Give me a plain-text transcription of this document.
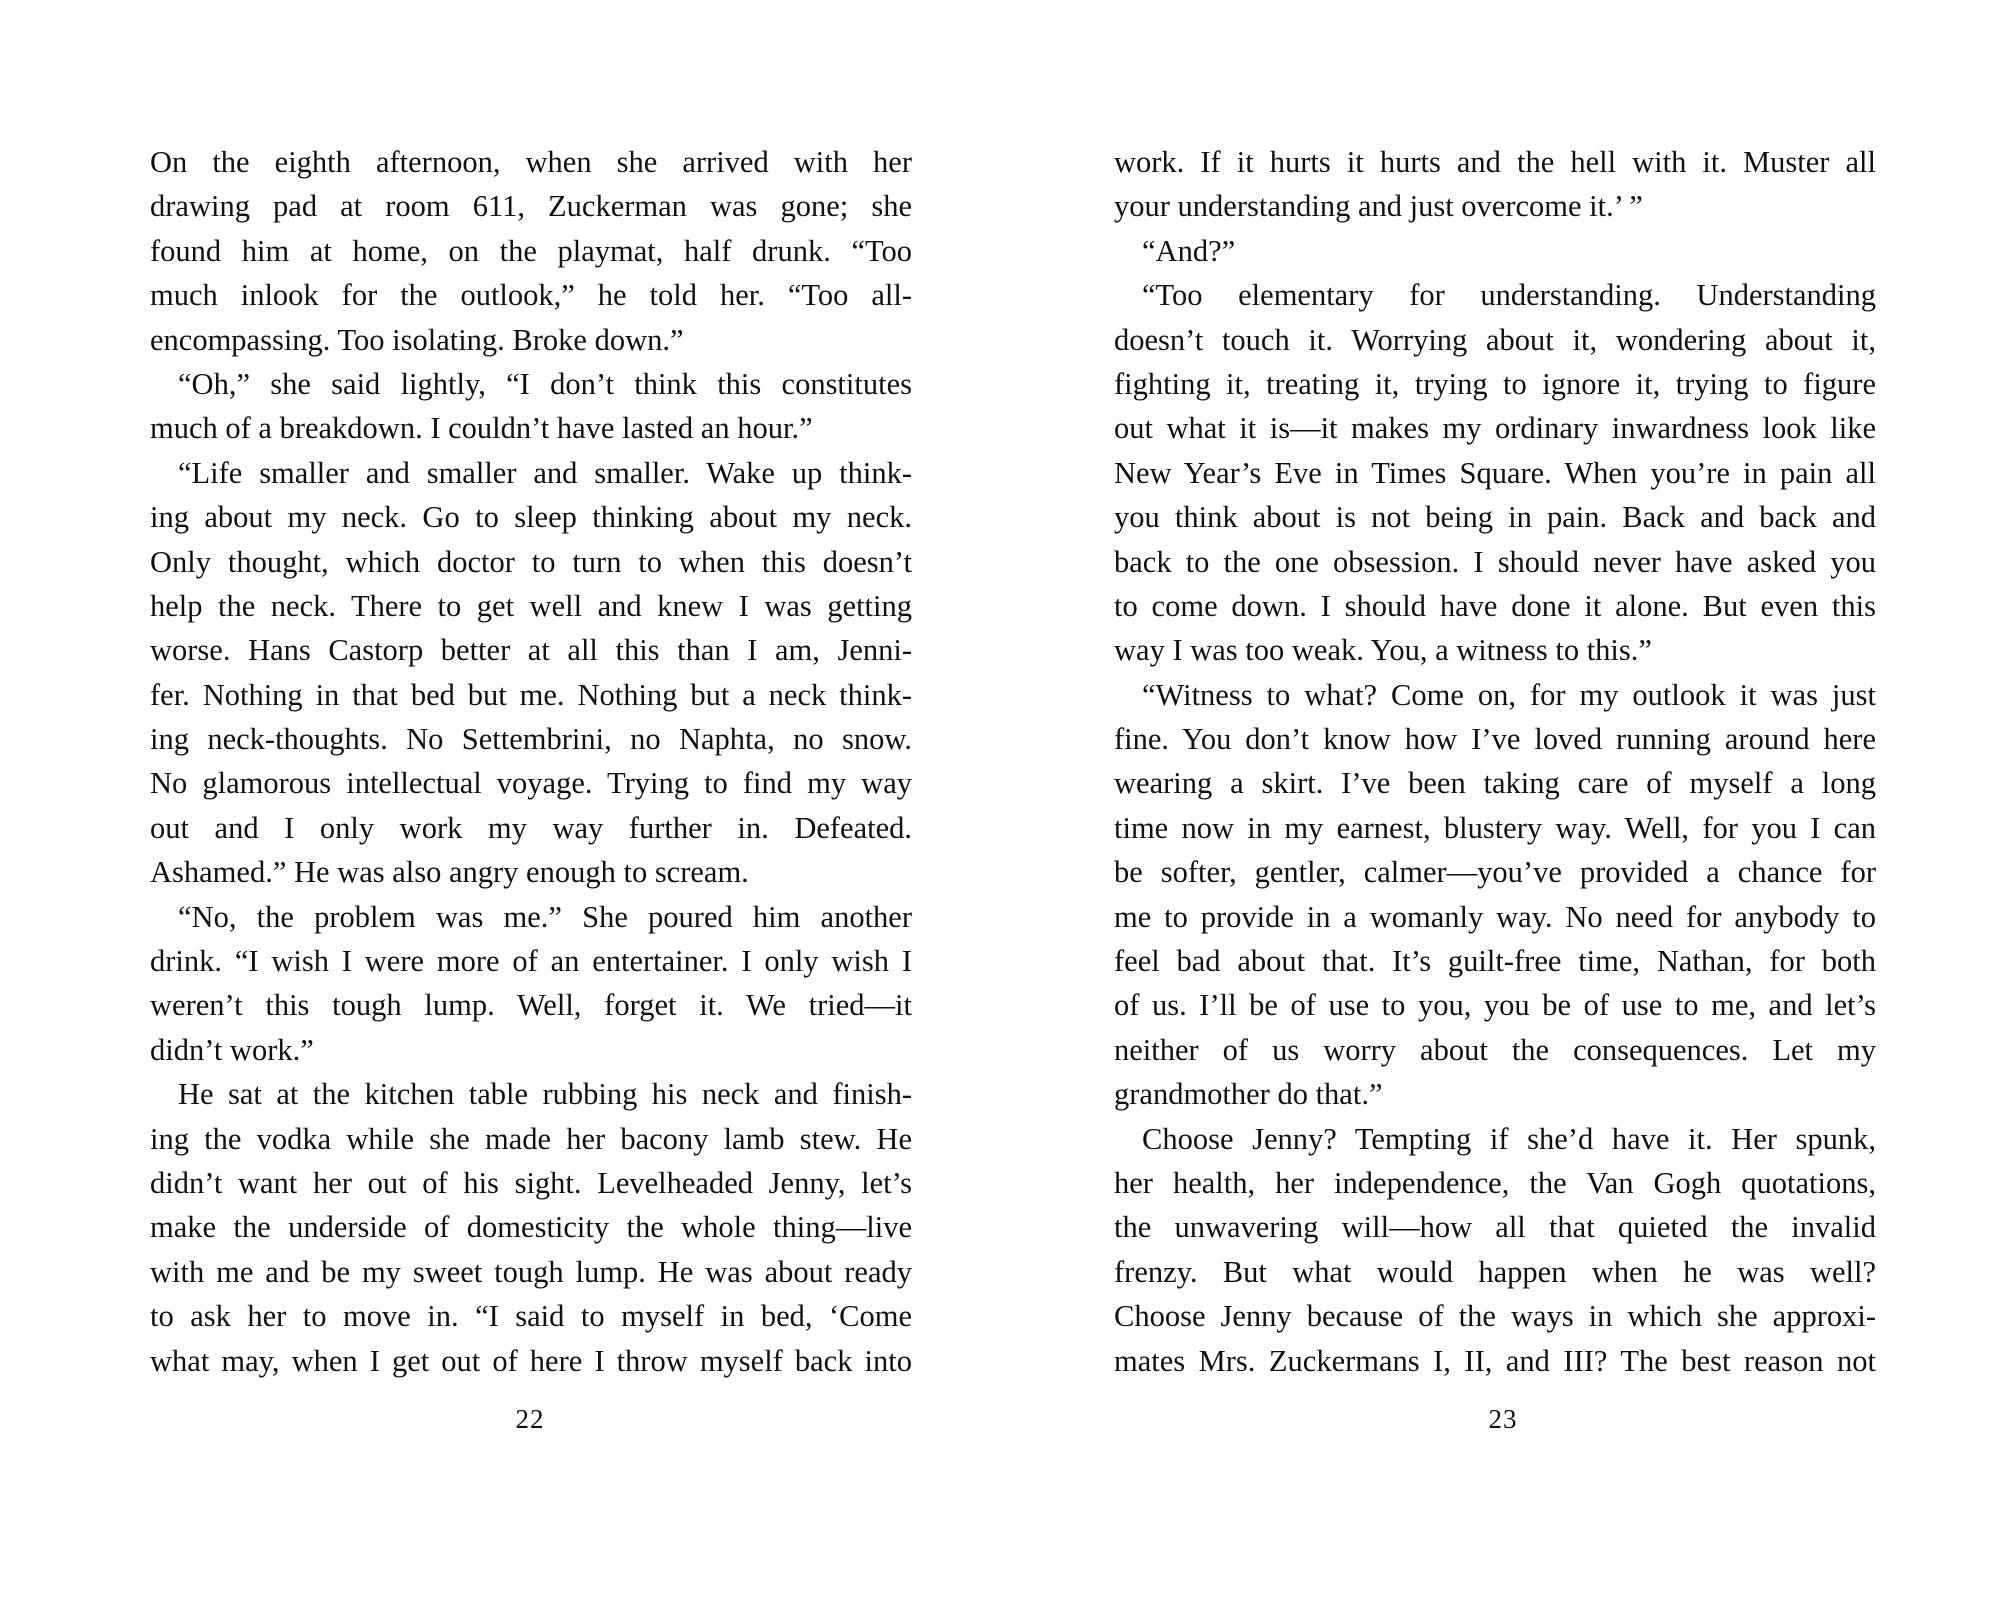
On the eighth afternoon, when she arrived with her
drawing pad at room 611, Zuckerman was gone; she
found him at home, on the playmat, half drunk. “Too
much inlook for the outlook,” he told her. “Too all-
encompassing. Too isolating. Broke down.”
“Oh,” she said lightly, “I don’t think this constitutes
much of a breakdown. I couldn’t have lasted an hour.”
“Life smaller and smaller and smaller. Wake up think-
ing about my neck. Go to sleep thinking about my neck.
Only thought, which doctor to turn to when this doesn’t
help the neck. There to get well and knew I was getting
worse. Hans Castorp better at all this than I am, Jenni-
fer. Nothing in that bed but me. Nothing but a neck think-
ing neck-thoughts. No Settembrini, no Naphta, no snow.
No glamorous intellectual voyage. Trying to find my way
out and I only work my way further in. Defeated.
Ashamed.” He was also angry enough to scream.
“No, the problem was me.” She poured him another
drink. “I wish I were more of an entertainer. I only wish I
weren’t this tough lump. Well, forget it. We tried—it
didn’t work.”
He sat at the kitchen table rubbing his neck and finish-
ing the vodka while she made her bacony lamb stew. He
didn’t want her out of his sight. Levelheaded Jenny, let’s
make the underside of domesticity the whole thing—live
with me and be my sweet tough lump. He was about ready
to ask her to move in. “I said to myself in bed, ‘Come
what may, when I get out of here I throw myself back into
22
work. If it hurts it hurts and the hell with it. Muster all
your understanding and just overcome it.’ ”
“And?”
“Too elementary for understanding. Understanding
doesn’t touch it. Worrying about it, wondering about it,
fighting it, treating it, trying to ignore it, trying to figure
out what it is—it makes my ordinary inwardness look like
New Year’s Eve in Times Square. When you’re in pain all
you think about is not being in pain. Back and back and
back to the one obsession. I should never have asked you
to come down. I should have done it alone. But even this
way I was too weak. You, a witness to this.”
“Witness to what? Come on, for my outlook it was just
fine. You don’t know how I’ve loved running around here
wearing a skirt. I’ve been taking care of myself a long
time now in my earnest, blustery way. Well, for you I can
be softer, gentler, calmer—you’ve provided a chance for
me to provide in a womanly way. No need for anybody to
feel bad about that. It’s guilt-free time, Nathan, for both
of us. I’ll be of use to you, you be of use to me, and let’s
neither of us worry about the consequences. Let my
grandmother do that.”
Choose Jenny? Tempting if she’d have it. Her spunk,
her health, her independence, the Van Gogh quotations,
the unwavering will—how all that quieted the invalid
frenzy. But what would happen when he was well?
Choose Jenny because of the ways in which she approxi-
mates Mrs. Zuckermans I, II, and III? The best reason not
23
